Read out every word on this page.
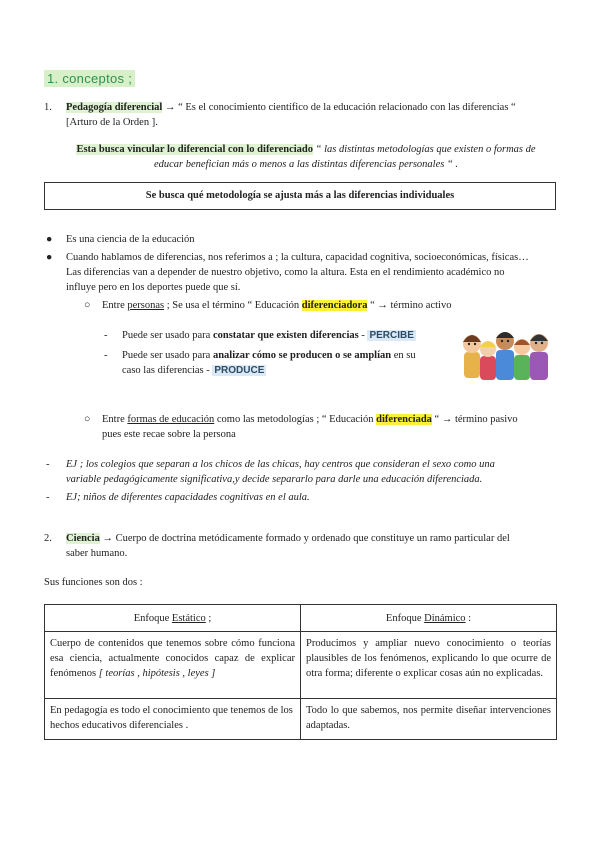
1. conceptos ;
1. Pedagogía diferencial → “ Es el conocimiento científico de la educación relacionado con las diferencias “
[Arturo de la Orden ].
Esta busca vincular lo diferencial con lo diferenciado “ las distintas metodologías que existen o formas de
educar benefician más o menos a las distintas diferencias personales “ .
Se busca qué metodología se ajusta más a las diferencias individuales
● Es una ciencia de la educación
● Cuando hablamos de diferencias, nos referimos a ; la cultura, capacidad cognitiva, socioeconómicas, físicas…
Las diferencias van a depender de nuestro objetivo, como la altura. Esta en el rendimiento académico no
influye pero en los deportes puede que sí.
○ Entre personas ; Se usa el término “ Educación diferenciadora “ → término activo
- Puede ser usado para constatar que existen diferencias - PERCIBE
- Puede ser usado para analizar cómo se producen o se amplían en su
caso las diferencias - PRODUCE
○ Entre formas de educación como las metodologías ; “ Educación diferenciada “ → término pasivo
pues este recae sobre la persona
- EJ ; los colegios que separan a los chicos de las chicas, hay centros que consideran el sexo como una
variable pedagógicamente significativa,y decide separarlo para darle una educación diferenciada.
- EJ; niños de diferentes capacidades cognitivas en el aula.
2. Ciencia → Cuerpo de doctrina metódicamente formado y ordenado que constituye un ramo particular del
saber humano.
Sus funciones son dos :
Enfoque Estático ;	Enfoque Dinámico :
Cuerpo de contenidos que tenemos sobre cómo funciona esa ciencia, actualmente conocidos capaz de explicar fenómenos [ teorías , hipótesis , leyes ]	Producimos y ampliar nuevo conocimiento o teorías plausibles de los fenómenos, explicando lo que ocurre de otra forma; diferente o explicar cosas aún no explicadas.
En pedagogía es todo el conocimiento que tenemos de los hechos educativos diferenciales .	Todo lo que sabemos, nos permite diseñar intervenciones adaptadas.
